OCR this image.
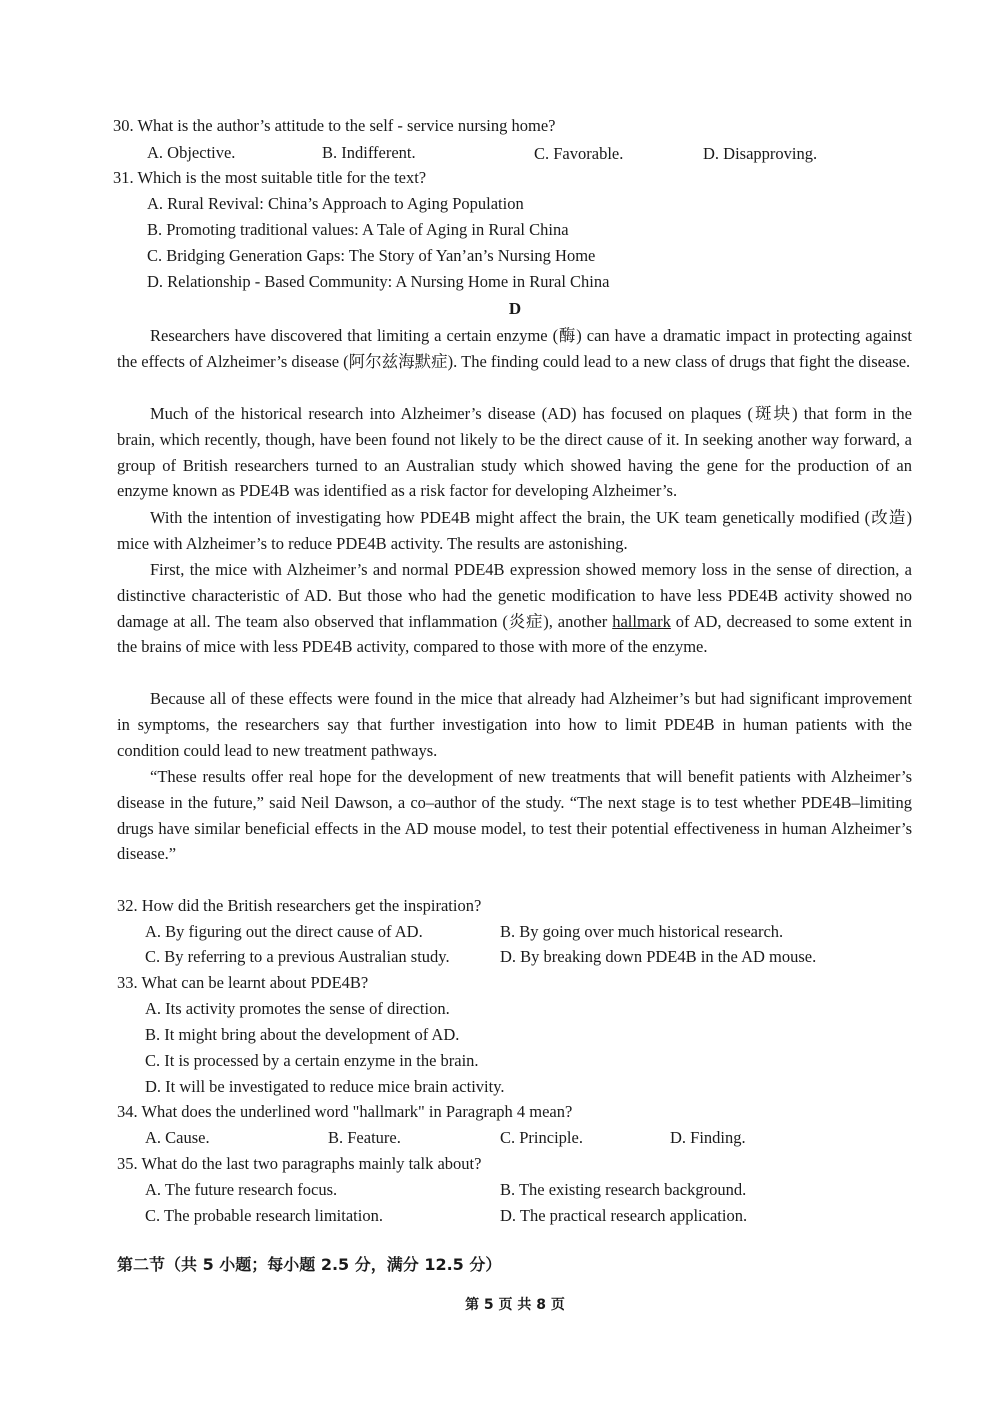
30. What is the author’s attitude to the self - service nursing home?
A. Objective.	B. Indifferent.	C. Favorable.	D. Disapproving.
31. Which is the most suitable title for the text?
A. Rural Revival: China’s Approach to Aging Population
B. Promoting traditional values: A Tale of Aging in Rural China
C. Bridging Generation Gaps: The Story of Yan’an’s Nursing Home
D. Relationship - Based Community: A Nursing Home in Rural China
D
Researchers have discovered that limiting a certain enzyme (酶) can have a dramatic impact in protecting against the effects of Alzheimer’s disease (阿尔兹海默症). The finding could lead to a new class of drugs that fight the disease.
Much of the historical research into Alzheimer’s disease (AD) has focused on plaques (斑块) that form in the brain, which recently, though, have been found not likely to be the direct cause of it. In seeking another way forward, a group of British researchers turned to an Australian study which showed having the gene for the production of an enzyme known as PDE4B was identified as a risk factor for developing Alzheimer’s.
With the intention of investigating how PDE4B might affect the brain, the UK team genetically modified (改造) mice with Alzheimer’s to reduce PDE4B activity. The results are astonishing.
First, the mice with Alzheimer’s and normal PDE4B expression showed memory loss in the sense of direction, a distinctive characteristic of AD. But those who had the genetic modification to have less PDE4B activity showed no damage at all. The team also observed that inflammation (炎症), another hallmark of AD, decreased to some extent in the brains of mice with less PDE4B activity, compared to those with more of the enzyme.
Because all of these effects were found in the mice that already had Alzheimer’s but had significant improvement in symptoms, the researchers say that further investigation into how to limit PDE4B in human patients with the condition could lead to new treatment pathways.
“These results offer real hope for the development of new treatments that will benefit patients with Alzheimer’s disease in the future,” said Neil Dawson, a co–author of the study. “The next stage is to test whether PDE4B–limiting drugs have similar beneficial effects in the AD mouse model, to test their potential effectiveness in human Alzheimer’s disease.”
32. How did the British researchers get the inspiration?
A. By figuring out the direct cause of AD.	B. By going over much historical research.
C. By referring to a previous Australian study.	D. By breaking down PDE4B in the AD mouse.
33. What can be learnt about PDE4B?
A. Its activity promotes the sense of direction.
B. It might bring about the development of AD.
C. It is processed by a certain enzyme in the brain.
D. It will be investigated to reduce mice brain activity.
34. What does the underlined word "hallmark" in Paragraph 4 mean?
A. Cause.	B. Feature.	C. Principle.	D. Finding.
35. What do the last two paragraphs mainly talk about?
A. The future research focus.	B. The existing research background.
C. The probable research limitation.	D. The practical research application.
第二节（共 5 小题；每小题 2.5 分，满分 12.5 分）
第 5 页 共 8 页
